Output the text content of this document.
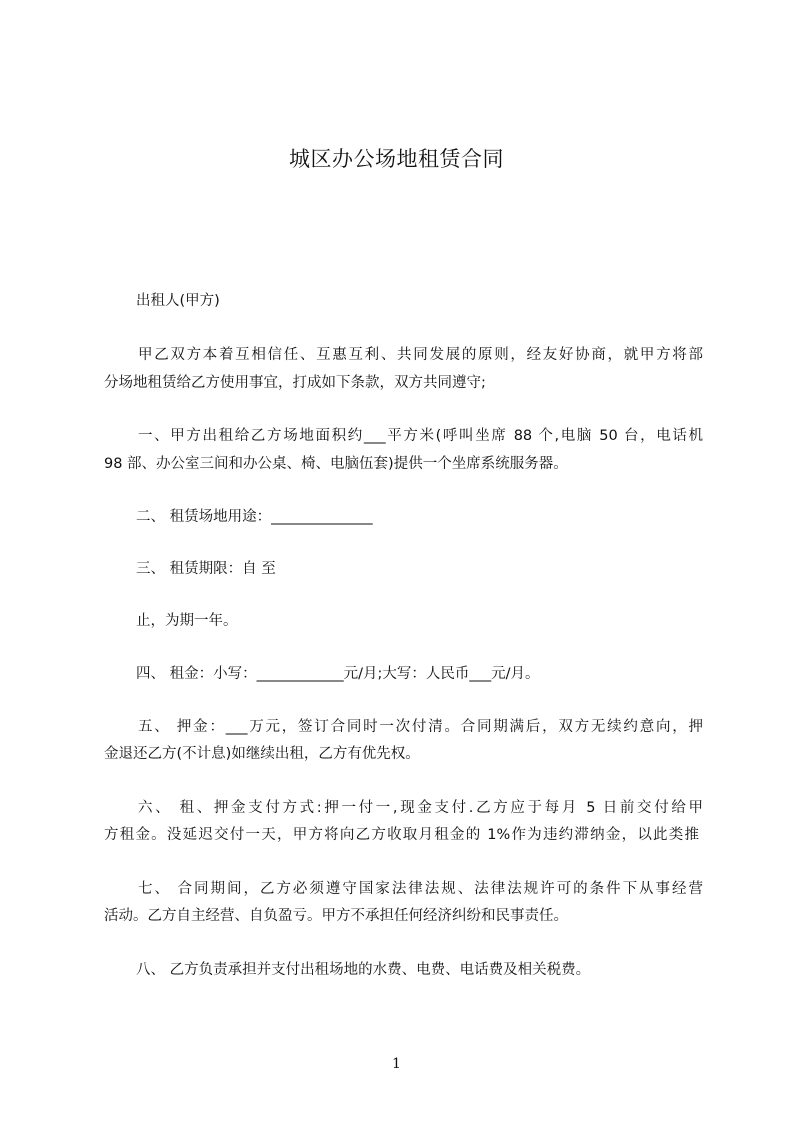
城区办公场地租赁合同
出租人(甲方)
甲乙双方本着互相信任、互惠互利、共同发展的原则，经友好协商，就甲方将部
分场地租赁给乙方使用事宜，打成如下条款，双方共同遵守;
一、甲方出租给乙方场地面积约___平方米(呼叫坐席 88 个,电脑 50 台，电话机
98 部、办公室三间和办公桌、椅、电脑伍套)提供一个坐席系统服务器。
二、 租赁场地用途：______________
三、 租赁期限：自 至
止，为期一年。
四、 租金：小写：____________元/月;大写：人民币___元/月。
五、 押金：___万元，签订合同时一次付清。合同期满后，双方无续约意向，押
金退还乙方(不计息)如继续出租，乙方有优先权。
六、 租、押金支付方式:押一付一,现金支付.乙方应于每月 5 日前交付给甲
方租金。没延迟交付一天，甲方将向乙方收取月租金的 1%作为违约滞纳金，以此类推
七、 合同期间，乙方必须遵守国家法律法规、法律法规许可的条件下从事经营
活动。乙方自主经营、自负盈亏。甲方不承担任何经济纠纷和民事责任。
八、 乙方负责承担并支付出租场地的水费、电费、电话费及相关税费。
1
